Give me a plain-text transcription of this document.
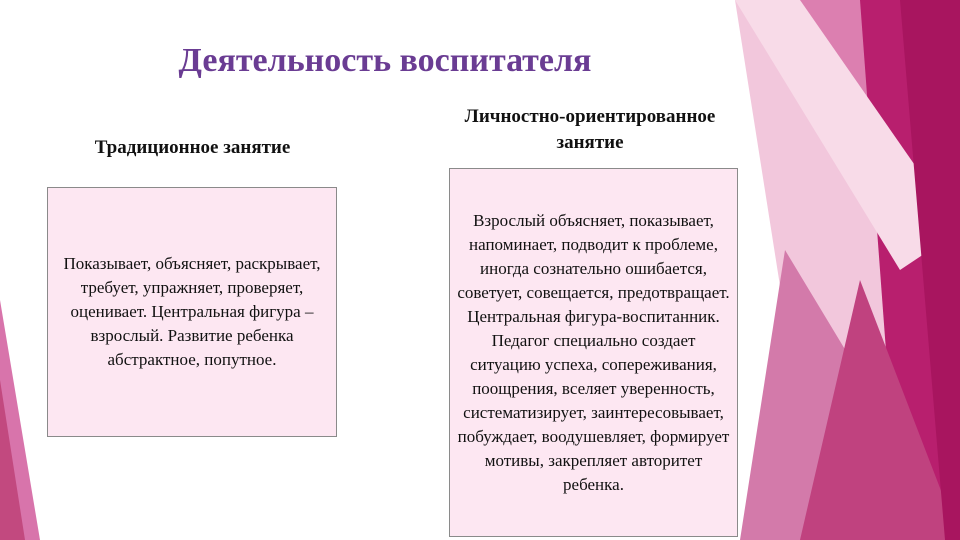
Деятельность воспитателя
Традиционное занятие
Личностно-ориентированное занятие
Показывает, объясняет, раскрывает, требует, упражняет, проверяет, оценивает. Центральная фигура – взрослый. Развитие ребенка абстрактное, попутное.
Взрослый объясняет, показывает, напоминает, подводит к проблеме, иногда сознательно ошибается, советует, совещается, предотвращает. Центральная фигура-воспитанник. Педагог специально создает ситуацию успеха, сопереживания, поощрения, вселяет уверенность, систематизирует, заинтересовывает, побуждает, воодушевляет, формирует мотивы, закрепляет авторитет ребенка.
